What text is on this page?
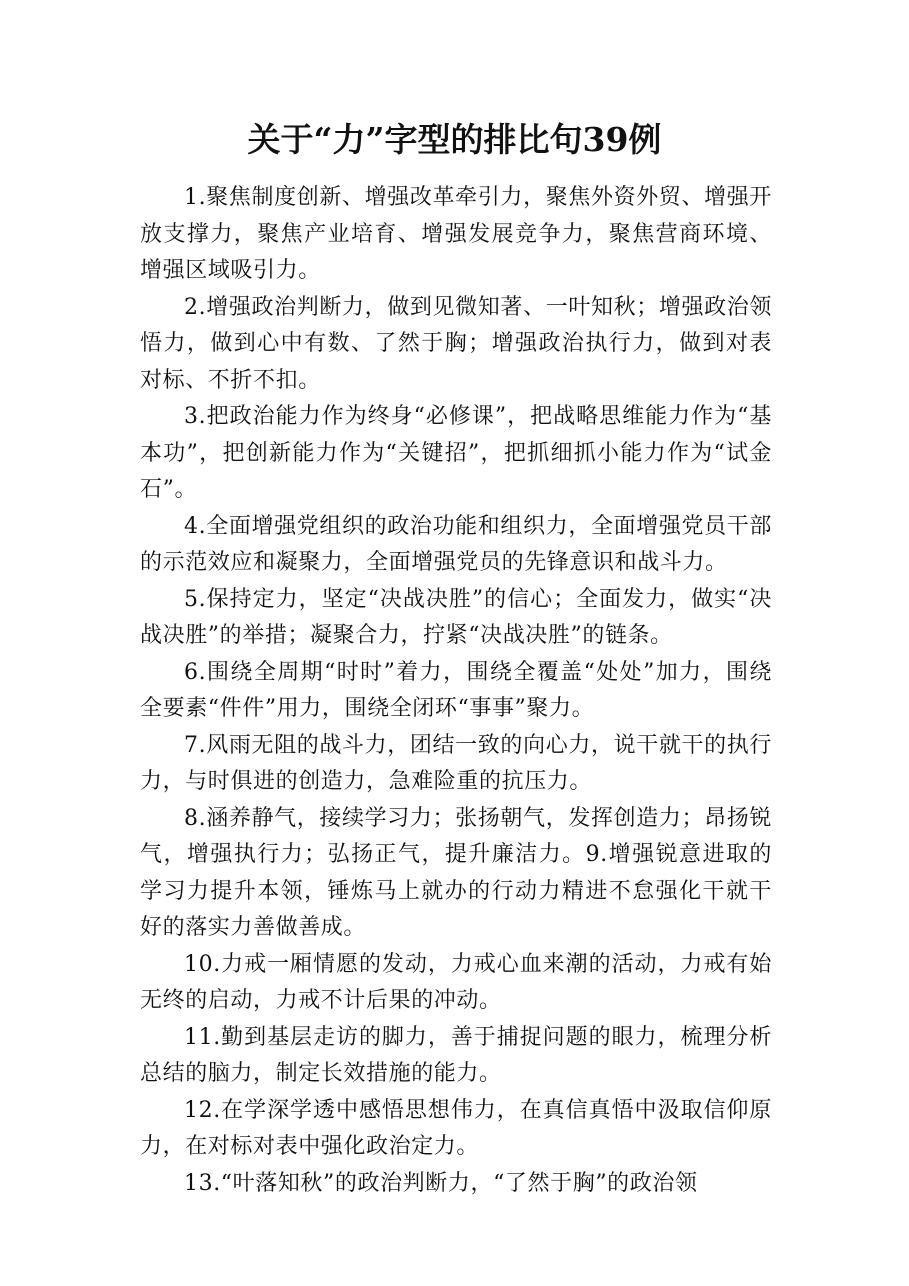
关于“力”字型的排比句39例

1.聚焦制度创新、增强改革牵引力，聚焦外资外贸、增强开放支撑力，聚焦产业培育、增强发展竞争力，聚焦营商环境、增强区域吸引力。

2.增强政治判断力，做到见微知著、一叶知秋；增强政治领悟力，做到心中有数、了然于胸；增强政治执行力，做到对表对标、不折不扣。

3.把政治能力作为终身“必修课”，把战略思维能力作为“基本功”，把创新能力作为“关键招”，把抓细抓小能力作为“试金石”。

4.全面增强党组织的政治功能和组织力，全面增强党员干部的示范效应和凝聚力，全面增强党员的先锋意识和战斗力。

5.保持定力，坚定“决战决胜”的信心；全面发力，做实“决战决胜”的举措；凝聚合力，拧紧“决战决胜”的链条。

6.围绕全周期“时时”着力，围绕全覆盖“处处”加力，围绕全要素“件件”用力，围绕全闭环“事事”聚力。

7.风雨无阻的战斗力，团结一致的向心力，说干就干的执行力，与时俱进的创造力，急难险重的抗压力。

8.涵养静气，接续学习力；张扬朝气，发挥创造力；昂扬锐气，增强执行力；弘扬正气，提升廉洁力。9.增强锐意进取的学习力提升本领，锤炼马上就办的行动力精进不怠强化干就干好的落实力善做善成。

10.力戒一厢情愿的发动，力戒心血来潮的活动，力戒有始无终的启动，力戒不计后果的冲动。

11.勤到基层走访的脚力，善于捕捉问题的眼力，梳理分析总结的脑力，制定长效措施的能力。

12.在学深学透中感悟思想伟力，在真信真悟中汲取信仰原力，在对标对表中强化政治定力。

13.“叶落知秋”的政治判断力，“了然于胸”的政治领
